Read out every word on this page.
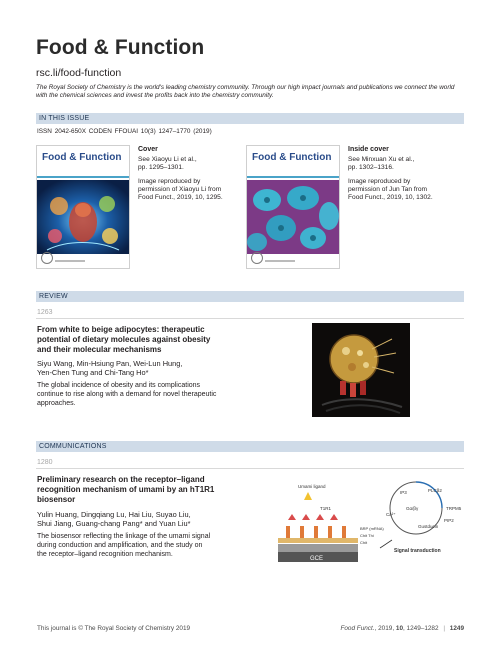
Food & Function
rsc.li/food-function
The Royal Society of Chemistry is the world's leading chemistry community. Through our high impact journals and publications we connect the world with the chemical sciences and invest the profits back into the chemistry community.
IN THIS ISSUE
ISSN 2042-650X CODEN FFOUAI 10(3) 1247–1770 (2019)
Food & Function
Cover
See Xiaoyu Li et al.,
pp. 1295–1301.
Image reproduced by
permission of Xiaoyu Li from
Food Funct., 2019, 10, 1295.
Food & Function
Inside cover
See Minxuan Xu et al.,
pp. 1302–1316.
Image reproduced by
permission of Jun Tan from
Food Funct., 2019, 10, 1302.
REVIEW
1263
From white to beige adipocytes: therapeutic
potential of dietary molecules against obesity
and their molecular mechanisms
Siyu Wang, Min-Hsiung Pan, Wei-Lun Hung,
Yen-Chen Tung and Chi-Tang Ho*
The global incidence of obesity and its complications
continue to rise along with a demand for novel therapeutic
approaches.
COMMUNICATIONS
1280
Preliminary research on the receptor–ligand
recognition mechanism of umami by an hT1R1
biosensor
Yulin Huang, Dingqiang Lu, Hai Liu, Suyao Liu,
Shui Jiang, Guang-chang Pang* and Yuan Liu*
The biosensor reflecting the linkage of the umami signal
during conduction and amplification, and the study on
the receptor–ligand recognition mechanism.
GCE
Umami ligand
T1R1
BRP (mRNA)
Chit Thi
Chit
IP3	PLCβ2
Gα/βγ	TRPM5
Gustducin
Ca²⁺
PIP2
Signal transduction
This journal is © The Royal Society of Chemistry 2019	Food Funct., 2019, 10, 1249–1282 | 1249
